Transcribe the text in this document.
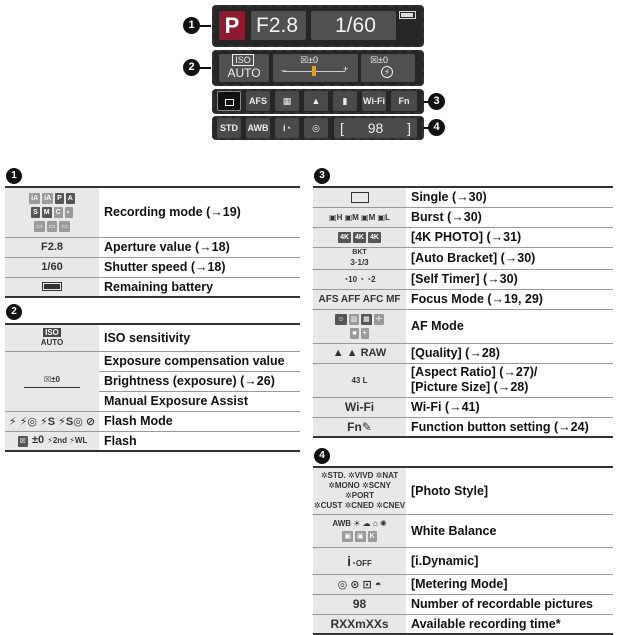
1
2
3
4
P F2.8 1/60
ISO
AUTO
☒±0
–	+
☒±0
⚡
AFS	▦	▲	▮	Wi-Fi	Fn
STD	AWB	i◔	◎	[ 98 ]
1
iA iA P A
S M C ◐
▭ ▭ ▭	Recording mode (→19)
F2.8	Aperture value (→18)
1/60	Shutter speed (→18)

	Remaining battery
2
ISO
AUTO	ISO sensitivity

☒±0	Exposure compensation value
	Brightness (exposure) (→26)
	Manual Exposure Assist
⚡ ⚡◎ ⚡S ⚡S◎ ⊘	Flash Mode
☒ ±0 ⚡2nd ⚡WL	Flash
3
	Single (→30)
▣H ▣M ▣M ▣L	Burst (→30)
4K 4K 4K	[4K PHOTO] (→31)

BKT
3·1/3	[Auto Bracket] (→30)
◔10 ◔ ◔2	[Self Timer] (→30)
AFS AFF AFC MF	Focus Mode (→19, 29)

☺ ▥ ▦ ✛
■ +	AF Mode
▲ ▲ RAW	[Quality] (→28)
43 L	[Aspect Ratio] (→27)/
[Picture Size] (→28)

Wi-Fi	Wi-Fi (→41)
Fn✎	Function button setting (→24)
4
✲STD. ✲VIVD ✲NAT
✲MONO ✲SCNY ✲PORT
✲CUST ✲CNED ✲CNEV	[Photo Style]

AWB ☀ ☁ ⌂ ✺
▣ ▣ K	White Balance
i◔OFF	[i.Dynamic]
◎ ⊙ ⊡ ◓	[Metering Mode]
98	Number of recordable pictures
RXXmXXs	Available recording time*
